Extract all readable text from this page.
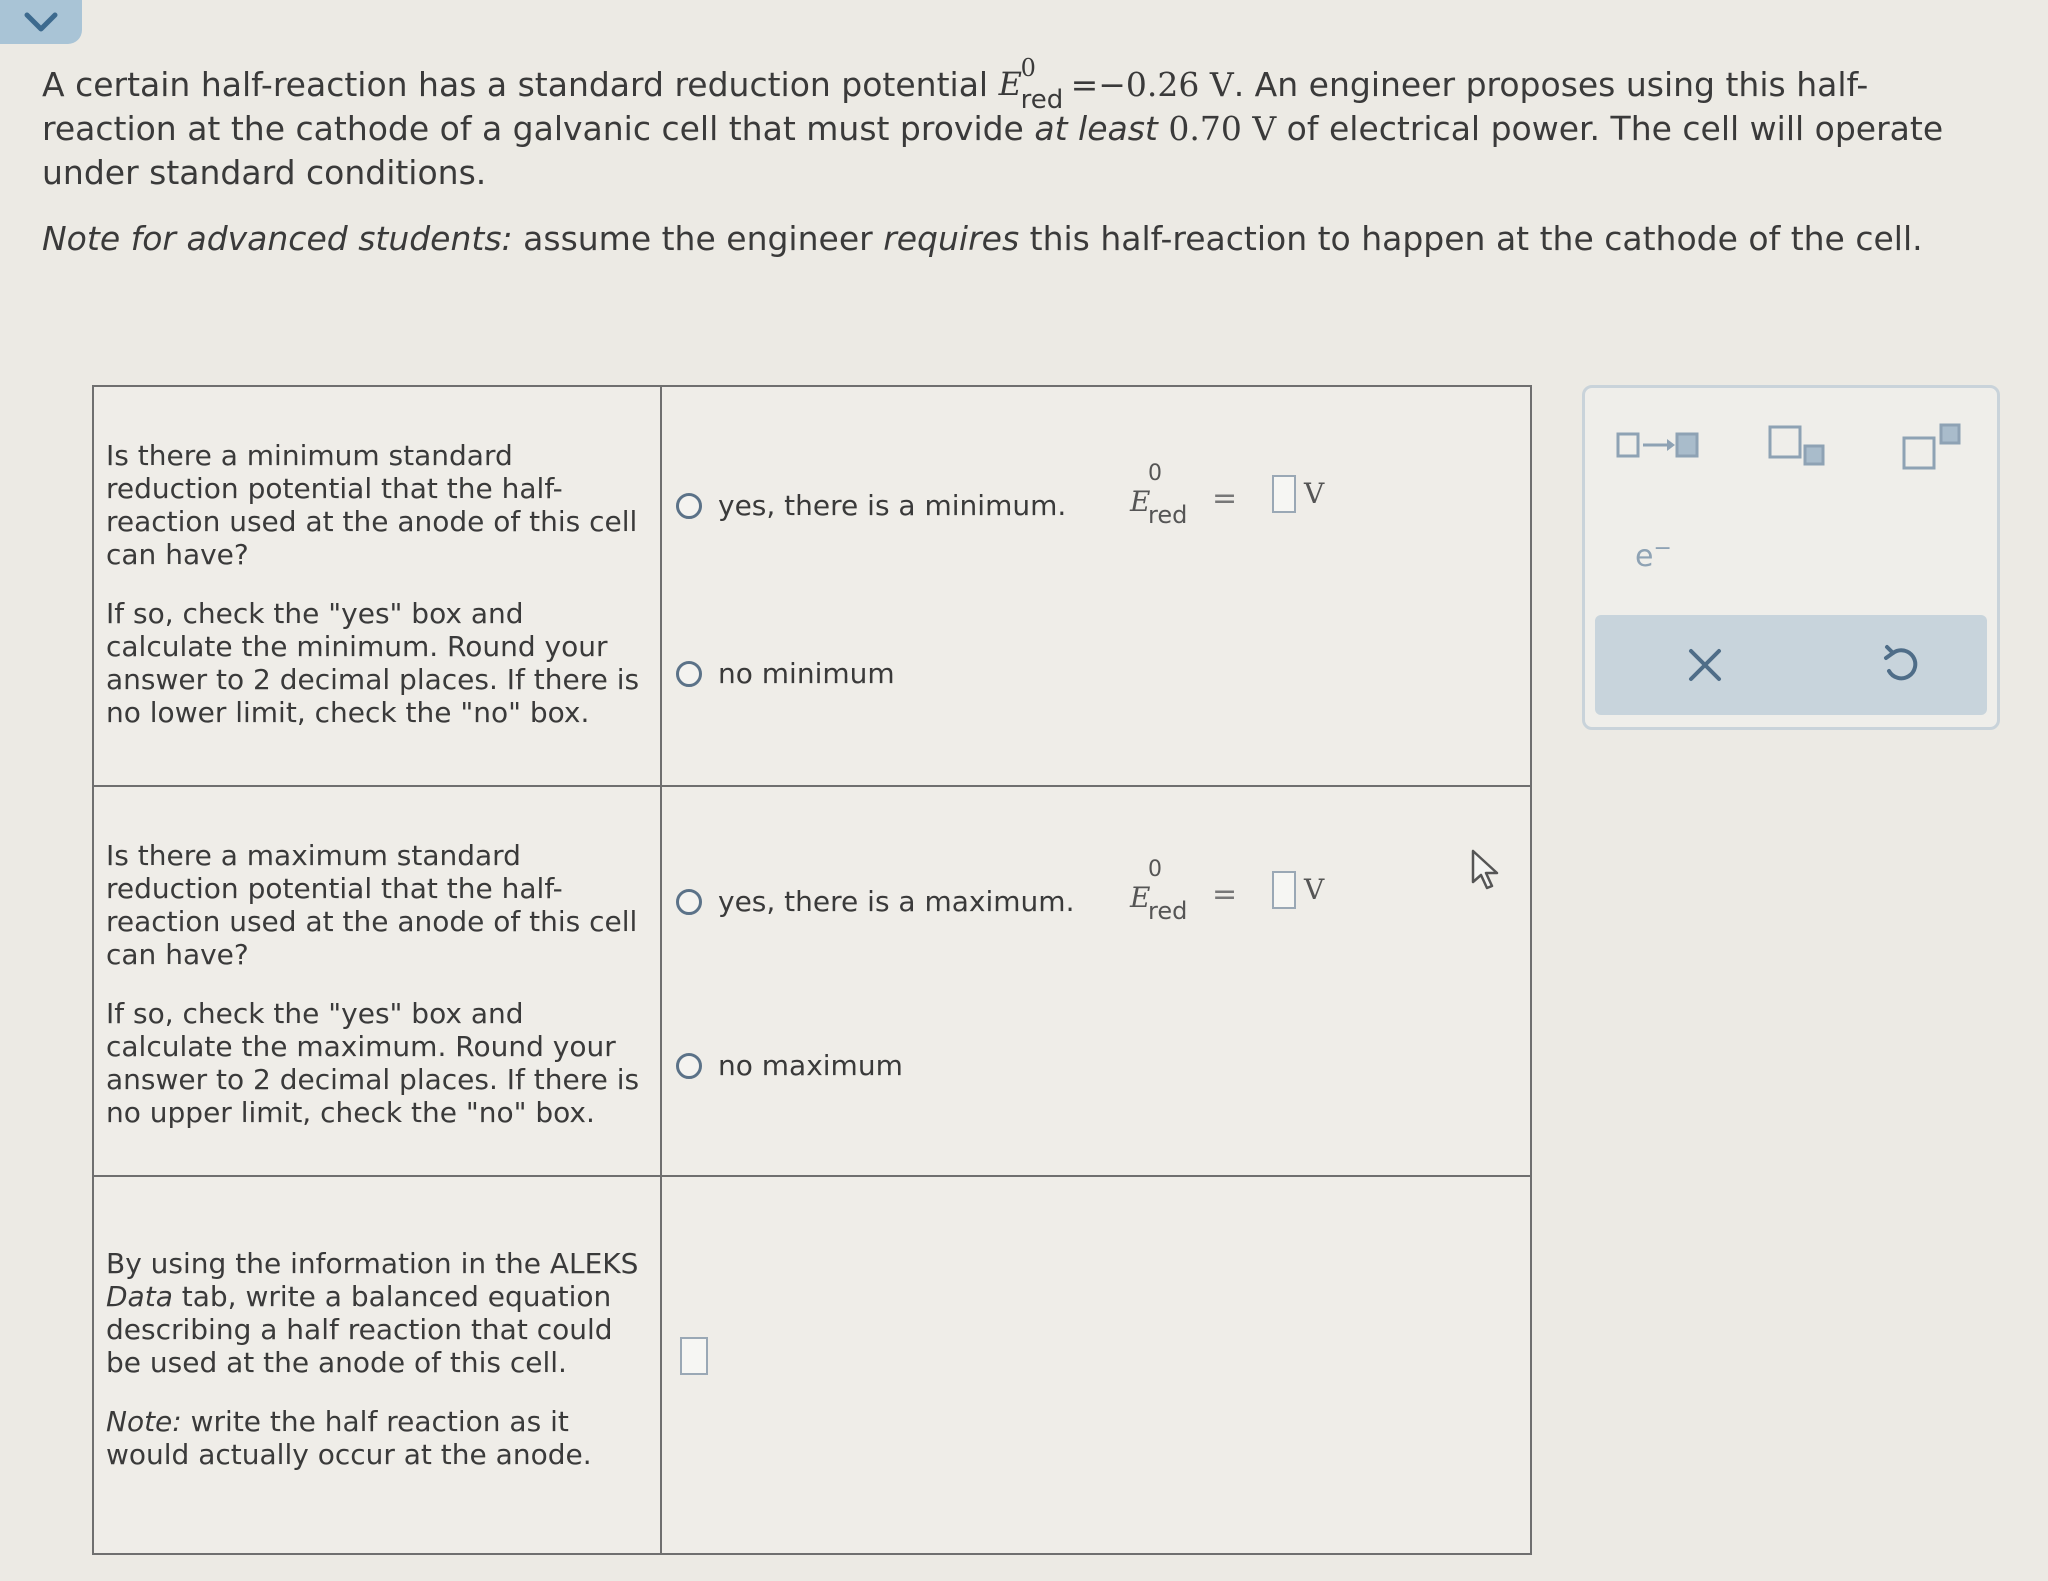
A certain half-reaction has a standard reduction potential E
0
red =−0.26 V. An engineer proposes using this half-reaction at the cathode of a galvanic cell that must provide at least 0.70 V of electrical power. The cell will operate under standard conditions.

Note for advanced students: assume the engineer requires this half-reaction to happen at the cathode of the cell.

Is there a minimum standard reduction potential that the half-reaction used at the anode of this cell can have?

If so, check the "yes" box and calculate the minimum. Round your answer to 2 decimal places. If there is no lower limit, check the "no" box.

yes, there is a minimum. E
0
red = V
no minimum

Is there a maximum standard reduction potential that the half-reaction used at the anode of this cell can have?

If so, check the "yes" box and calculate the maximum. Round your answer to 2 decimal places. If there is no upper limit, check the "no" box.

yes, there is a maximum. E
0
red = V
no maximum

By using the information in the ALEKS Data tab, write a balanced equation describing a half reaction that could be used at the anode of this cell.

Note: write the half reaction as it would actually occur at the anode.

e−
